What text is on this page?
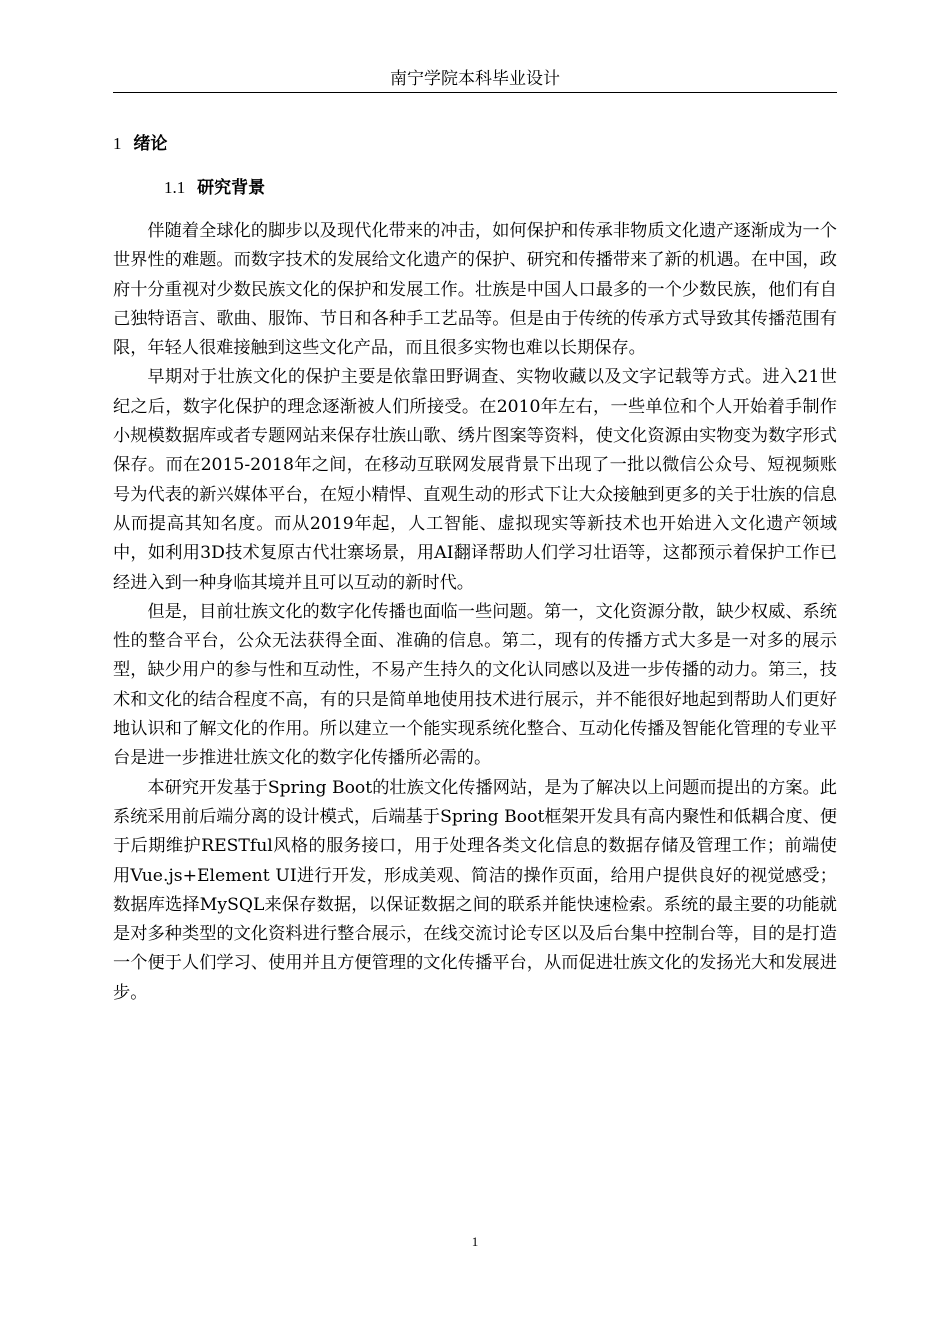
南宁学院本科毕业设计
1 绪论
1.1 研究背景

伴随着全球化的脚步以及现代化带来的冲击，如何保护和传承非物质文化遗产逐渐成为一个世界性的难题。而数字技术的发展给文化遗产的保护、研究和传播带来了新的机遇。在中国，政府十分重视对少数民族文化的保护和发展工作。壮族是中国人口最多的一个少数民族，他们有自己独特语言、歌曲、服饰、节日和各种手工艺品等。但是由于传统的传承方式导致其传播范围有限，年轻人很难接触到这些文化产品，而且很多实物也难以长期保存。

早期对于壮族文化的保护主要是依靠田野调查、实物收藏以及文字记载等方式。进入21世纪之后，数字化保护的理念逐渐被人们所接受。在2010年左右，一些单位和个人开始着手制作小规模数据库或者专题网站来保存壮族山歌、绣片图案等资料，使文化资源由实物变为数字形式保存。而在2015-2018年之间，在移动互联网发展背景下出现了一批以微信公众号、短视频账号为代表的新兴媒体平台，在短小精悍、直观生动的形式下让大众接触到更多的关于壮族的信息从而提高其知名度。而从2019年起，人工智能、虚拟现实等新技术也开始进入文化遗产领域中，如利用3D技术复原古代壮寨场景，用AI翻译帮助人们学习壮语等，这都预示着保护工作已经进入到一种身临其境并且可以互动的新时代。

但是，目前壮族文化的数字化传播也面临一些问题。第一，文化资源分散，缺少权威、系统性的整合平台，公众无法获得全面、准确的信息。第二，现有的传播方式大多是一对多的展示型，缺少用户的参与性和互动性，不易产生持久的文化认同感以及进一步传播的动力。第三，技术和文化的结合程度不高，有的只是简单地使用技术进行展示，并不能很好地起到帮助人们更好地认识和了解文化的作用。所以建立一个能实现系统化整合、互动化传播及智能化管理的专业平台是进一步推进壮族文化的数字化传播所必需的。

本研究开发基于Spring Boot的壮族文化传播网站，是为了解决以上问题而提出的方案。此系统采用前后端分离的设计模式，后端基于Spring Boot框架开发具有高内聚性和低耦合度、便于后期维护RESTful风格的服务接口，用于处理各类文化信息的数据存储及管理工作；前端使用Vue.js+Element UI进行开发，形成美观、简洁的操作页面，给用户提供良好的视觉感受；数据库选择MySQL来保存数据，以保证数据之间的联系并能快速检索。系统的最主要的功能就是对多种类型的文化资料进行整合展示，在线交流讨论专区以及后台集中控制台等，目的是打造一个便于人们学习、使用并且方便管理的文化传播平台，从而促进壮族文化的发扬光大和发展进步。

1
